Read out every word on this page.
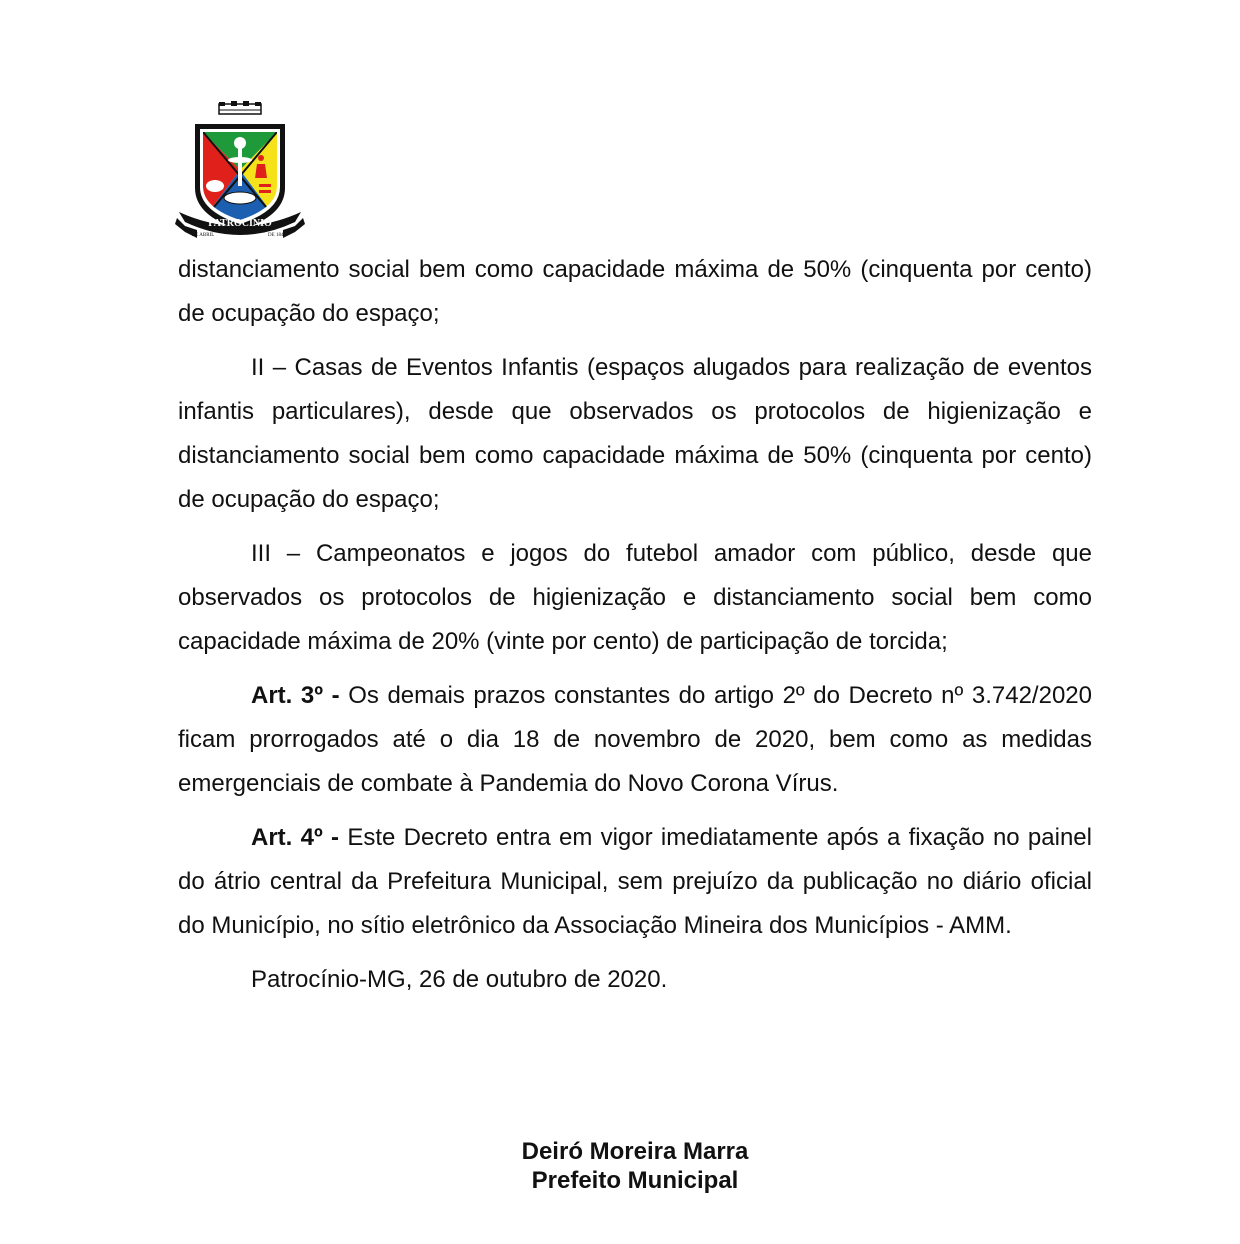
PATROCÍNIO
DE ABRIL	DE 1842

distanciamento social bem como capacidade máxima de 50% (cinquenta por cento) de ocupação do espaço;

II – Casas de Eventos Infantis (espaços alugados para realização de eventos infantis particulares), desde que observados os protocolos de higienização e distanciamento social bem como capacidade máxima de 50% (cinquenta por cento) de ocupação do espaço;

III – Campeonatos e jogos do futebol amador com público, desde que observados os protocolos de higienização e distanciamento social bem como capacidade máxima de 20% (vinte por cento) de participação de torcida;

Art. 3º - Os demais prazos constantes do artigo 2º do Decreto nº 3.742/2020 ficam prorrogados até o dia 18 de novembro de 2020, bem como as medidas emergenciais de combate à Pandemia do Novo Corona Vírus.

Art. 4º - Este Decreto entra em vigor imediatamente após a fixação no painel do átrio central da Prefeitura Municipal, sem prejuízo da publicação no diário oficial do Município, no sítio eletrônico da Associação Mineira dos Municípios - AMM.

Patrocínio-MG, 26 de outubro de 2020.

Deiró Moreira Marra
Prefeito Municipal
